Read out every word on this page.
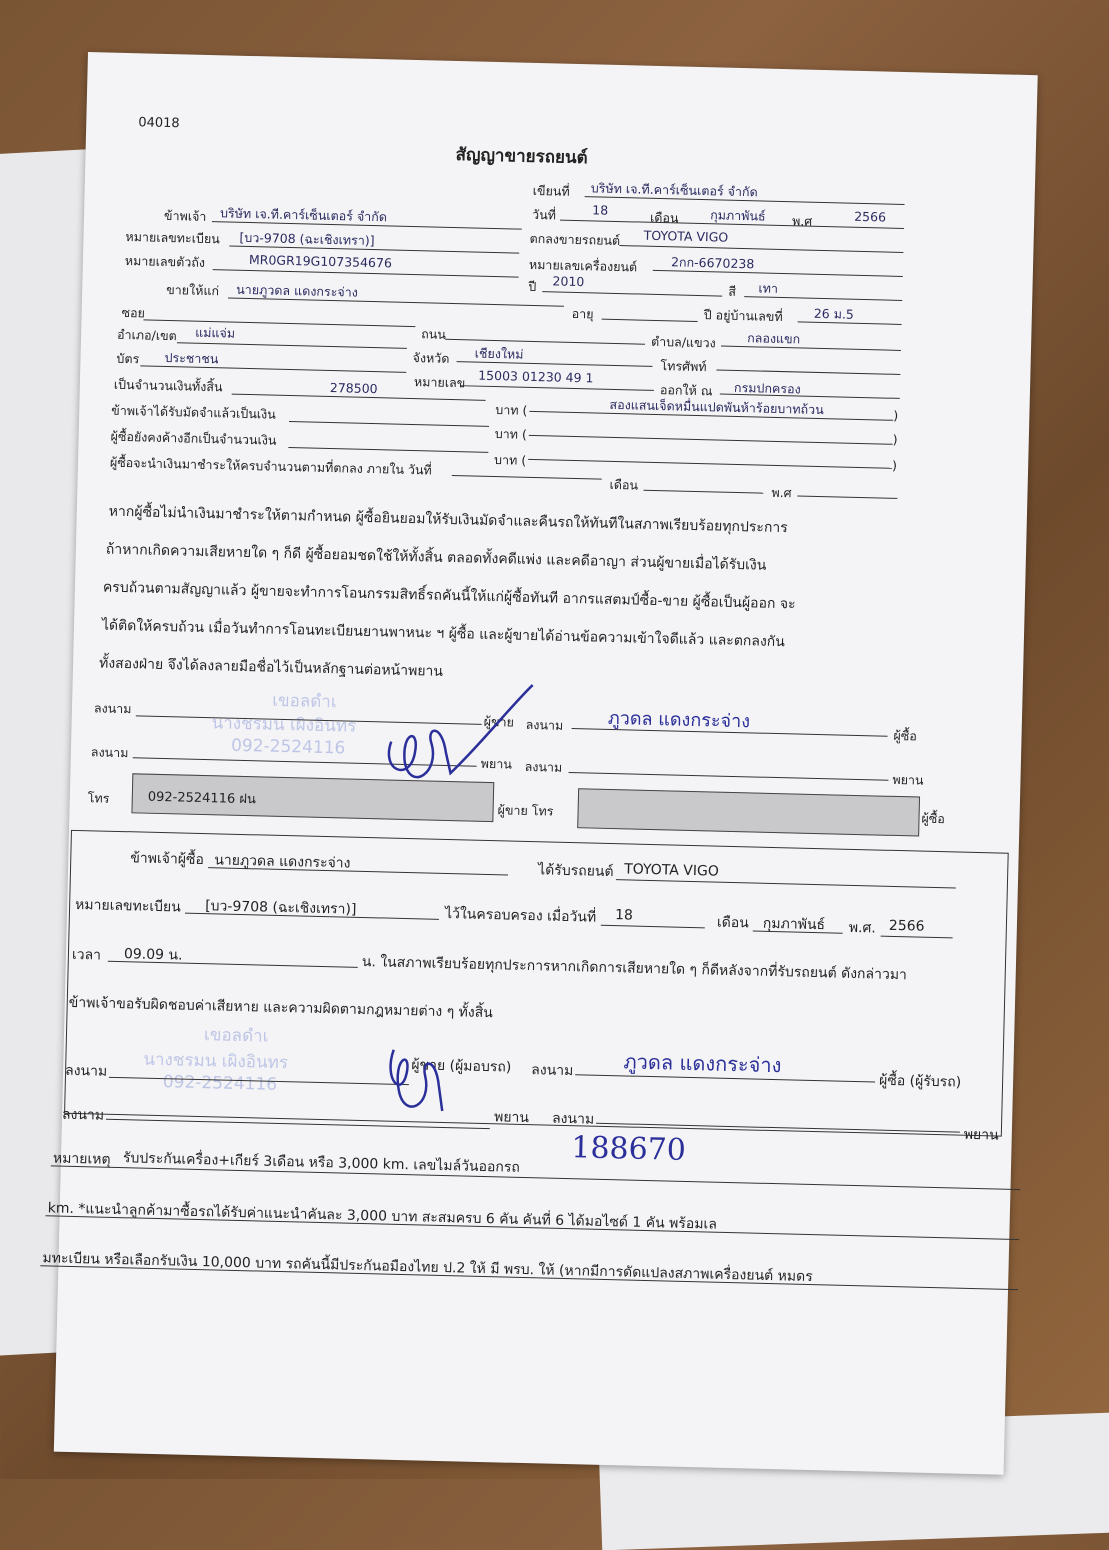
04018
สัญญาขายรถยนต์
เขียนที่ บริษัท เจ.ที.คาร์เซ็นเตอร์ จำกัด
วันที่	18	เดือน	กุมภาพันธ์ พ.ศ	2566
ข้าพเจ้า บริษัท เจ.ที.คาร์เซ็นเตอร์ จำกัด
ตกลงขายรถยนต์ TOYOTA VIGO
หมายเลขทะเบียน [บว-9708 (ฉะเชิงเทรา)]
หมายเลขเครื่องยนต์	2กก-6670238
หมายเลขตัวถัง	MR0GR19G107354676
ปี 2010
สี เทา
ขายให้แก่ นายภูวดล แดงกระจ่าง
อายุ	ปี อยู่บ้านเลขที่ 26 ม.5
ซอย
ถนน	ตำบล/แขวง กลองแขก
อำเภอ/เขต แม่แจ่ม
จังหวัด เชียงใหม่
โทรศัพท์
บัตร ประชาชน
หมายเลข 15003 01230 49 1
ออกให้ ณ กรมปกครอง
เป็นจำนวนเงินทั้งสิ้น	278500
บาท (	สองแสนเจ็ดหมื่นแปดพันห้าร้อยบาทถ้วน	)
ข้าพเจ้าได้รับมัดจำแล้วเป็นเงิน
บาท (	)
ผู้ซื้อยังคงค้างอีกเป็นจำนวนเงิน
บาท (	)
ผู้ซื้อจะนำเงินมาชำระให้ครบจำนวนตามที่ตกลง ภายใน วันที่
เดือน
พ.ศ
หากผู้ซื้อไม่นำเงินมาชำระให้ตามกำหนด ผู้ซื้อยินยอมให้รับเงินมัดจำและคืนรถให้ทันทีในสภาพเรียบร้อยทุกประการ
ถ้าหากเกิดความเสียหายใด ๆ ก็ดี ผู้ซื้อยอมชดใช้ให้ทั้งสิ้น ตลอดทั้งคดีแพ่ง และคดีอาญา ส่วนผู้ขายเมื่อได้รับเงิน
ครบถ้วนตามสัญญาแล้ว ผู้ขายจะทำการโอนกรรมสิทธิ์รถคันนี้ให้แก่ผู้ซื้อทันที อากรแสตมป์ซื้อ-ขาย ผู้ซื้อเป็นผู้ออก จะ
ได้ติดให้ครบถ้วน เมื่อวันทำการโอนทะเบียนยานพาหนะ ฯ ผู้ซื้อ และผู้ขายได้อ่านข้อความเข้าใจดีแล้ว และตกลงกัน
ทั้งสองฝ่าย จึงได้ลงลายมือชื่อไว้เป็นหลักฐานต่อหน้าพยาน
เขอลดำเ
นางชรมน เผิงอินทร
092-2524116
ลงนาม
ผู้ขาย ลงนาม ภูวดล แดงกระจ่าง
ผู้ซื้อ
ลงนาม
พยาน ลงนาม
พยาน
โทร	092-2524116 ฝน
ผู้ขาย โทร	ผู้ซื้อ
ข้าพเจ้าผู้ซื้อ นายภูวดล แดงกระจ่าง	ได้รับรถยนต์ TOYOTA VIGO
หมายเลขทะเบียน [บว-9708 (ฉะเชิงเทรา)]	ไว้ในครอบครอง เมื่อวันที่ 18	เดือน กุมภาพันธ์ พ.ศ. 2566
เวลา 09.09 น.	น. ในสภาพเรียบร้อยทุกประการหากเกิดการเสียหายใด ๆ ก็ดีหลังจากที่รับรถยนต์ ดังกล่าวมา
ข้าพเจ้าขอรับผิดชอบค่าเสียหาย และความผิดตามกฎหมายต่าง ๆ ทั้งสิ้น
เขอลดำเ
นางชรมน เผิงอินทร
092-2524116
ลงนาม	ผู้ขาย (ผู้มอบรถ) ลงนาม ภูวดล แดงกระจ่าง
ผู้ซื้อ (ผู้รับรถ)
ลงนาม	พยาน ลงนาม
พยาน
หมายเหตุ รับประกันเครื่อง+เกียร์ 3เดือน หรือ 3,000 km. เลขไมล์วันออกรถ 188670
km. *แนะนำลูกค้ามาซื้อรถได้รับค่าแนะนำคันละ 3,000 บาท สะสมครบ 6 คัน คันที่ 6 ได้มอไซด์ 1 คัน พร้อมเล
มทะเบียน หรือเลือกรับเงิน 10,000 บาท รถคันนี้มีประกันอมืองไทย ป.2 ให้ มี พรบ. ให้ (หากมีการดัดแปลงสภาพเครื่องยนต์ หมดร
